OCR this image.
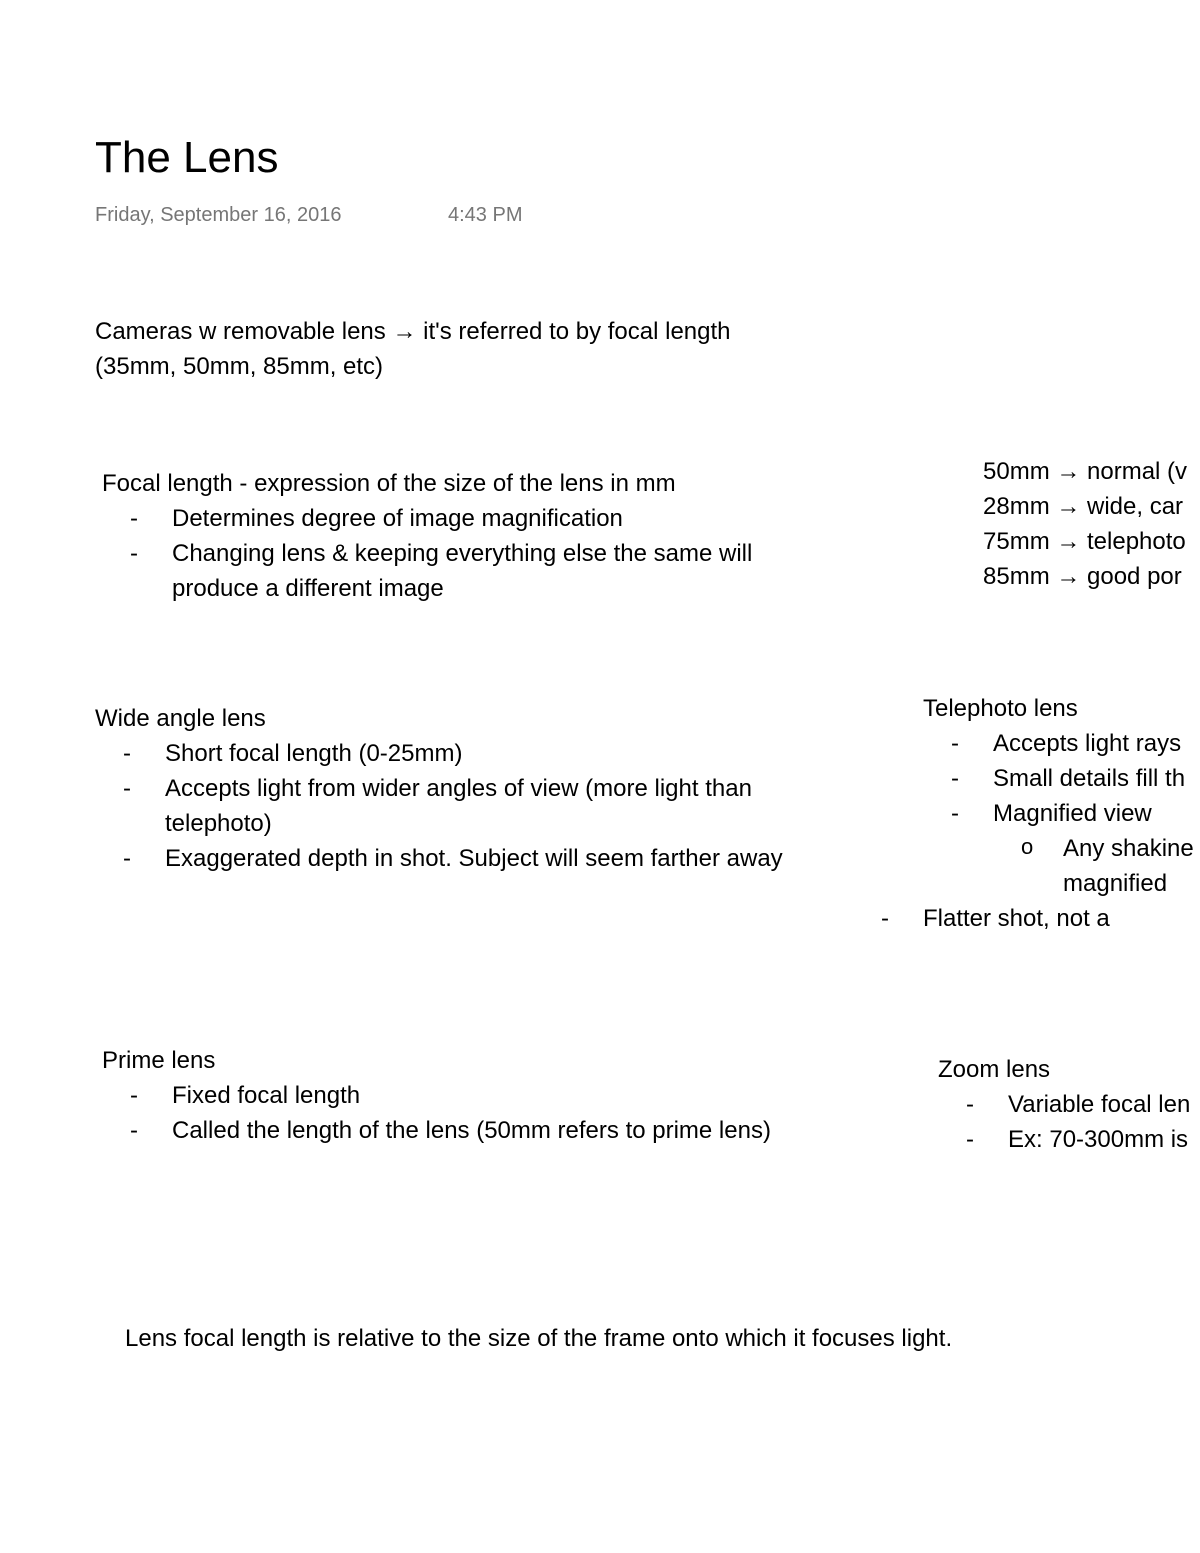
The Lens
Friday, September 16, 2016	4:43 PM

Cameras w removable lens → it's referred to by focal length

(35mm, 50mm, 85mm, etc)

Focal length - expression of the size of the lens in mm

- Determines degree of image magnification
- Changing lens & keeping everything else the same will produce a different image

50mm → normal (v

28mm → wide, car

75mm → telephoto

85mm → good por

Wide angle lens

- Short focal length (0-25mm)
- Accepts light from wider angles of view (more light than telephoto)
- Exaggerated depth in shot. Subject will seem farther away

Telephoto lens

- Accepts light rays
- Small details fill th
- Magnified view
o Any shakine
magnified
- Flatter shot, not a

Prime lens

- Fixed focal length
- Called the length of the lens (50mm refers to prime lens)

Zoom lens

- Variable focal len
- Ex: 70-300mm is

Lens focal length is relative to the size of the frame onto which it focuses light.
